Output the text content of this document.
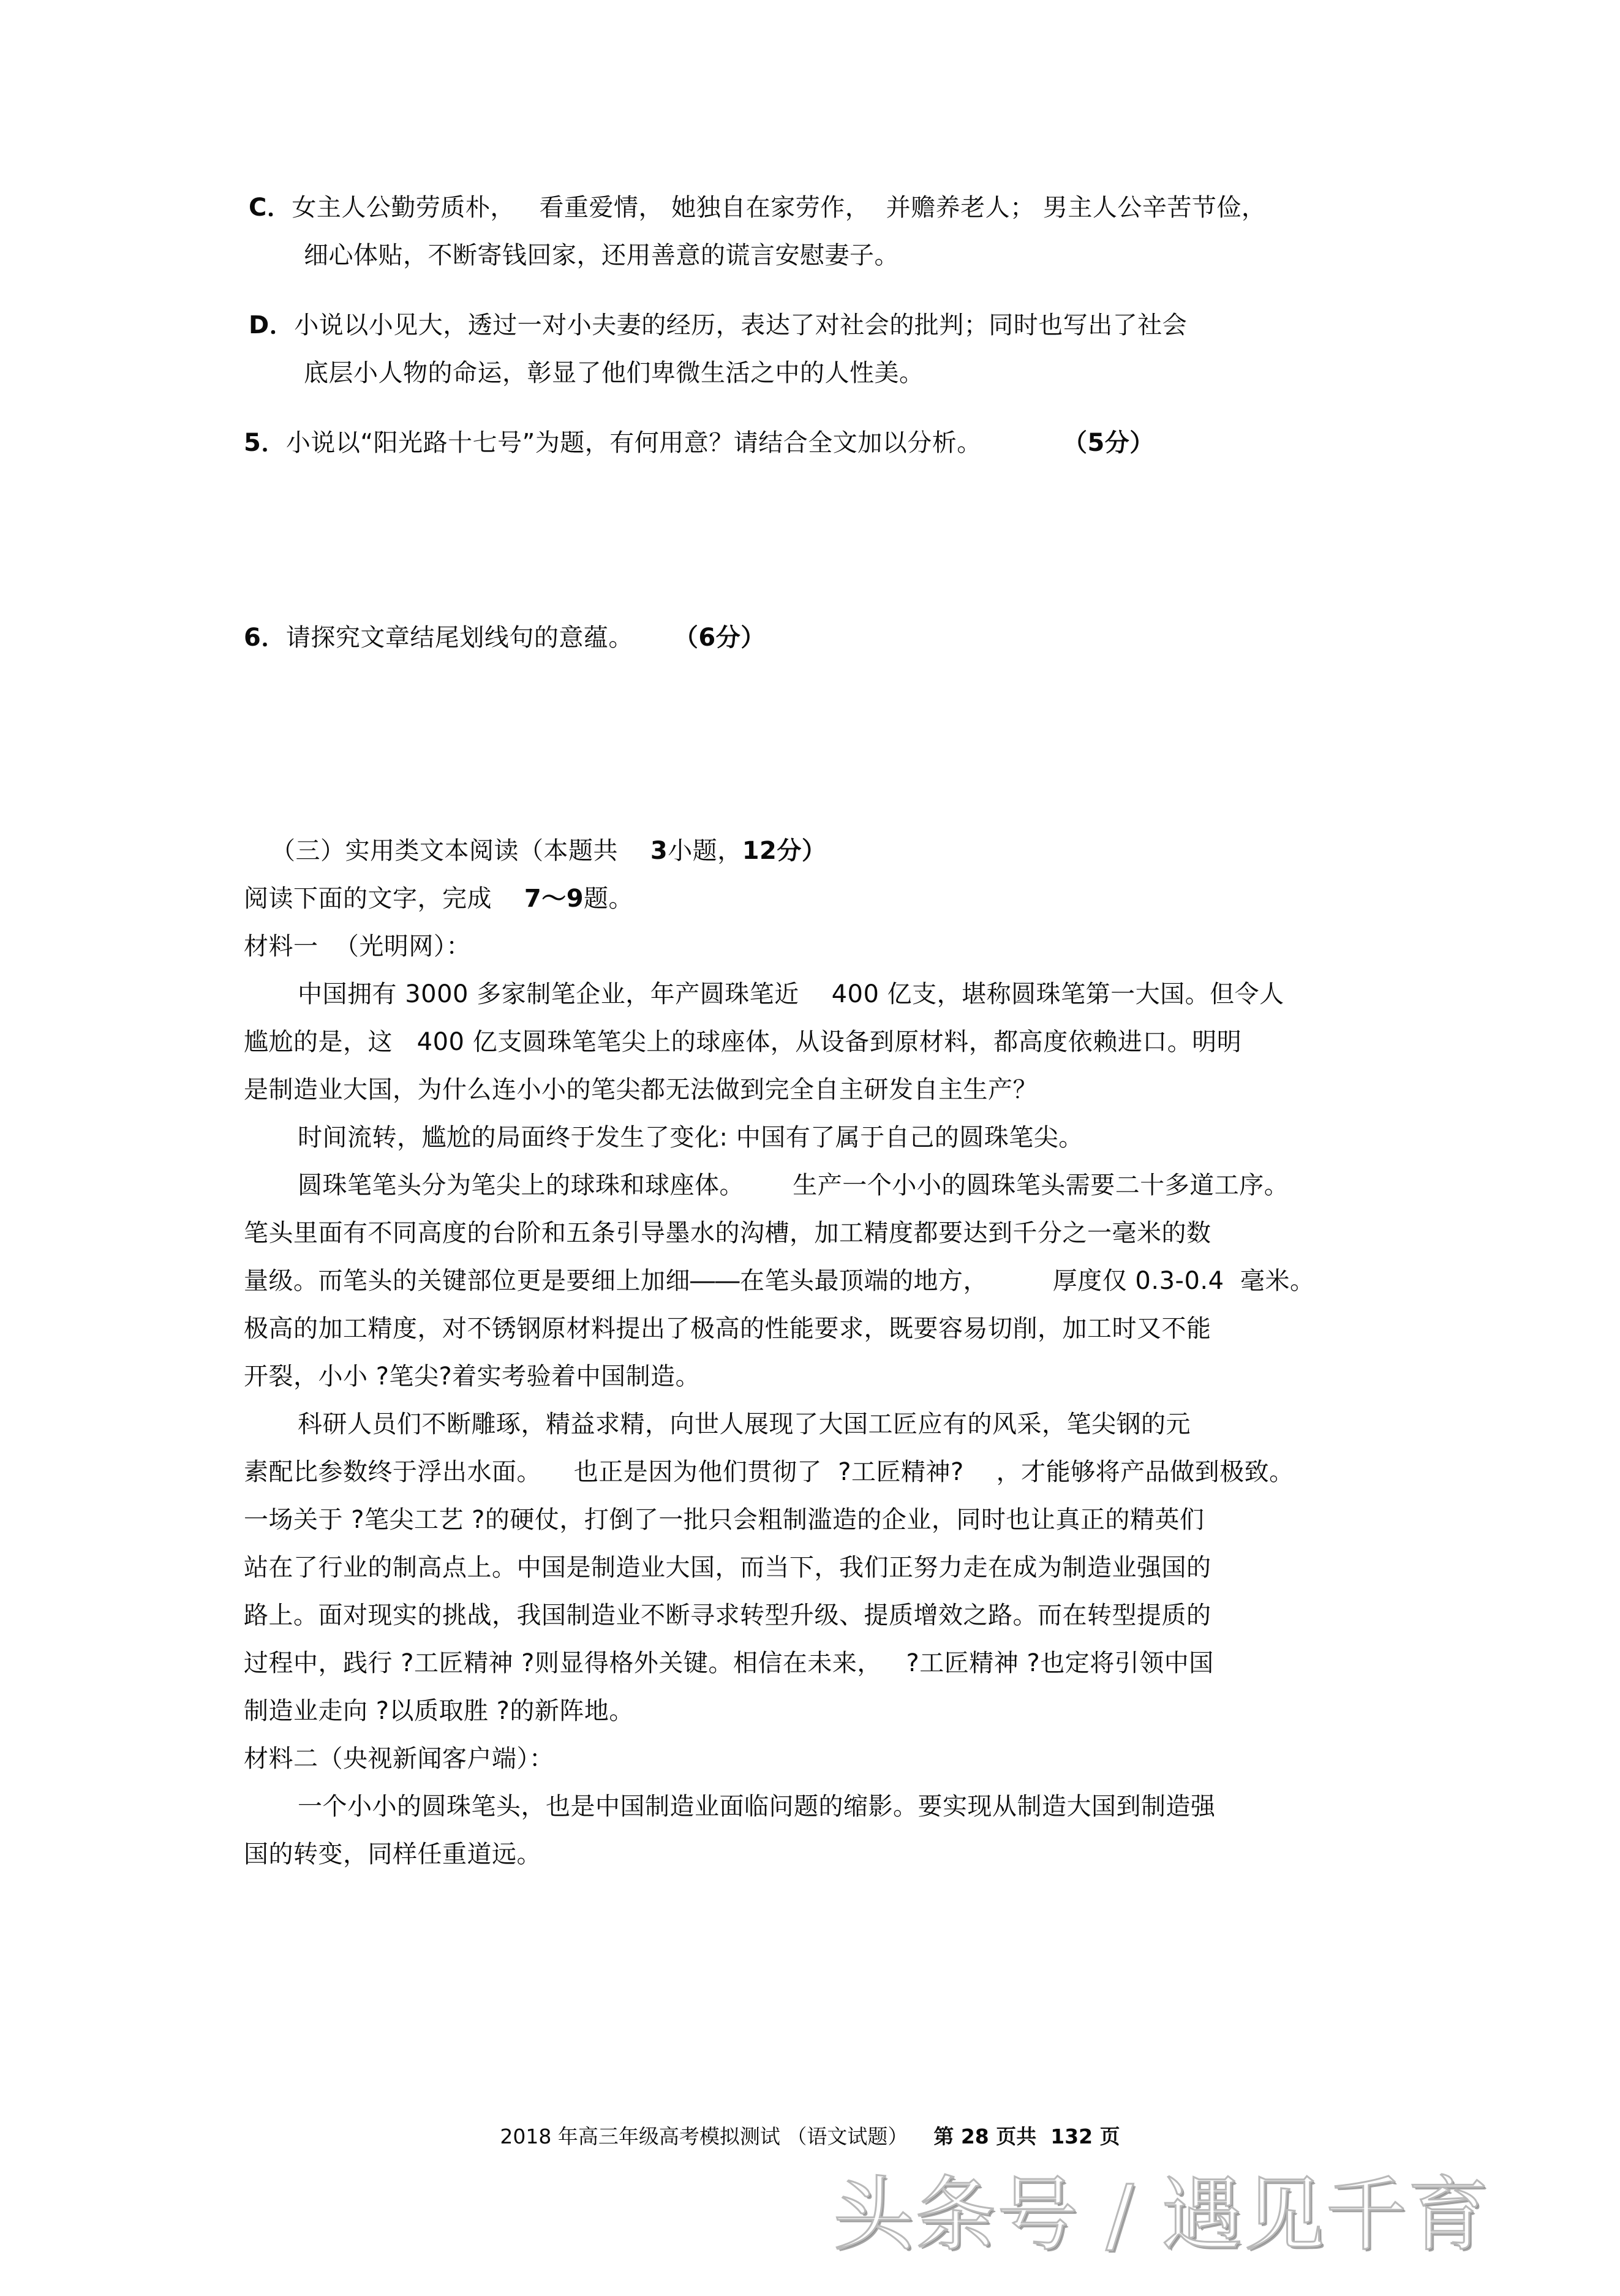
C．女主人公勤劳质朴，   看重爱情， 她独自在家劳作，  并赡养老人； 男主人公辛苦节俭，
细心体贴，不断寄钱回家，还用善意的谎言安慰妻子。
D．小说以小见大，透过一对小夫妻的经历，表达了对社会的批判；同时也写出了社会
底层小人物的命运，彰显了他们卑微生活之中的人性美。
5．小说以“阳光路十七号”为题，有何用意？请结合全文加以分析。	（5分）
6．请探究文章结尾划线句的意蕴。 （6分）
（三）实用类文本阅读（本题共 3小题，12分）
阅读下面的文字，完成 7～9题。
材料一  （光明网）：
中国拥有 3000 多家制笔企业，年产圆珠笔近    400 亿支，堪称圆珠笔第一大国。但令人
尴尬的是，这   400 亿支圆珠笔笔尖上的球座体，从设备到原材料，都高度依赖进口。明明
是制造业大国，为什么连小小的笔尖都无法做到完全自主研发自主生产？
时间流转，尴尬的局面终于发生了变化: 中国有了属于自己的圆珠笔尖。
圆珠笔笔头分为笔尖上的球珠和球座体。      生产一个小小的圆珠笔头需要二十多道工序。
笔头里面有不同高度的台阶和五条引导墨水的沟槽，加工精度都要达到千分之一毫米的数
量级。而笔头的关键部位更是要细上加细――在笔头最顶端的地方，        厚度仅 0.3-0.4  毫米。
极高的加工精度，对不锈钢原材料提出了极高的性能要求，既要容易切削，加工时又不能
开裂，小小 ?笔尖?着实考验着中国制造。
科研人员们不断雕琢，精益求精，向世人展现了大国工匠应有的风采，笔尖钢的元
素配比参数终于浮出水面。    也正是因为他们贯彻了  ?工匠精神?    ，才能够将产品做到极致。
一场关于 ?笔尖工艺 ?的硬仗，打倒了一批只会粗制滥造的企业，同时也让真正的精英们
站在了行业的制高点上。中国是制造业大国，而当下，我们正努力走在成为制造业强国的
路上。面对现实的挑战，我国制造业不断寻求转型升级、提质增效之路。而在转型提质的
过程中，践行 ?工匠精神 ?则显得格外关键。相信在未来，   ?工匠精神 ?也定将引领中国
制造业走向 ?以质取胜 ?的新阵地。
材料二（央视新闻客户端）：
一个小小的圆珠笔头，也是中国制造业面临问题的缩影。要实现从制造大国到制造强
国的转变，同样任重道远。
2018 年高三年级高考模拟测试 （语文试题） 第 28 页共  132 页
头条号 / 遇见千育
